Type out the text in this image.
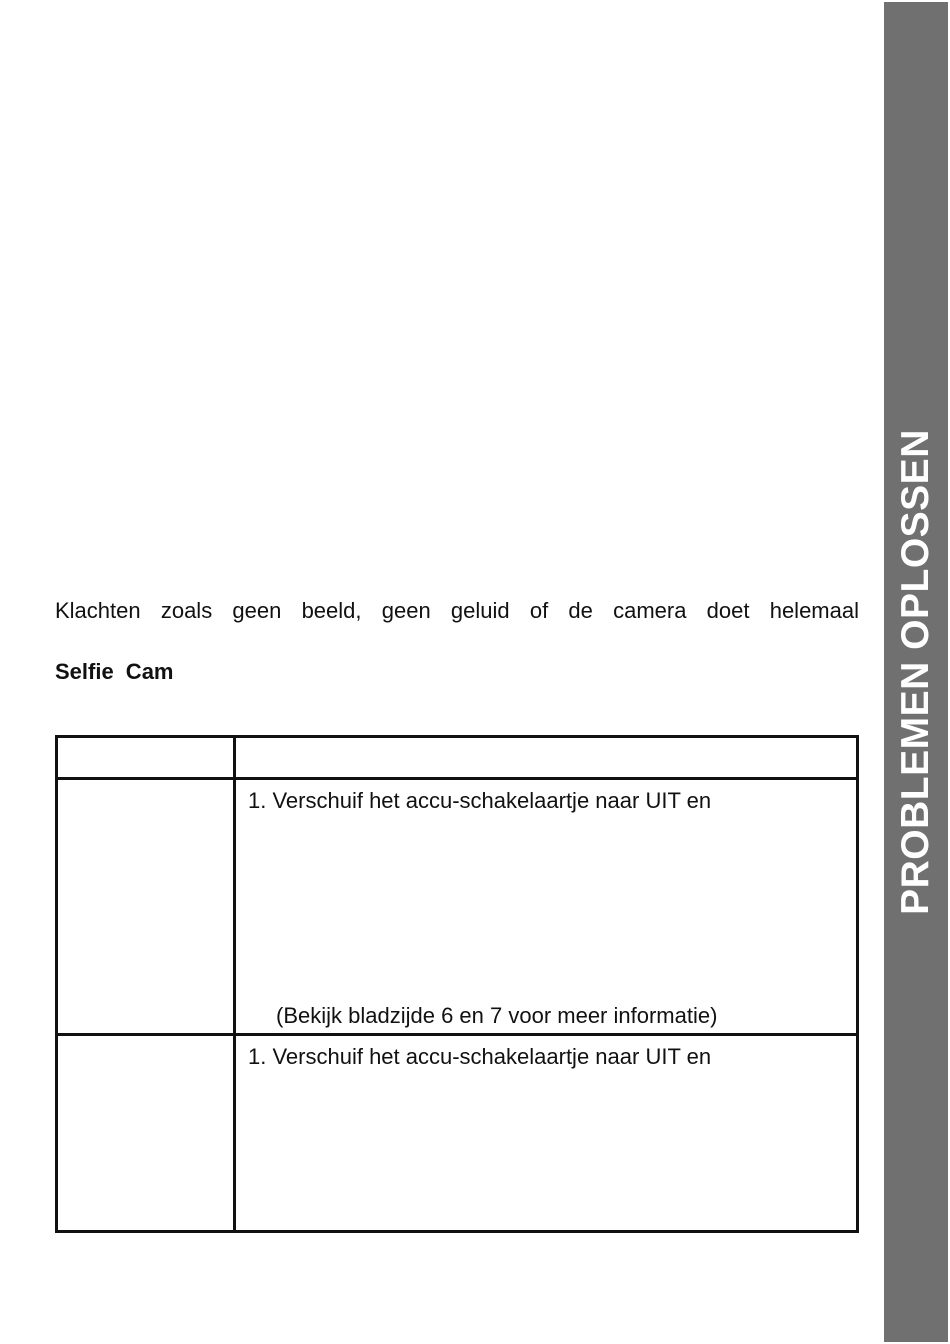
PROBLEMEN OPLOSSEN

Klachten zoals geen beeld, geen geluid of de camera doet helemaal

Selfie Cam

	1. Verschuif het accu-schakelaartje naar UIT en
(Bekijk bladzijde 6 en 7 voor meer informatie)

	1. Verschuif het accu-schakelaartje naar UIT en
